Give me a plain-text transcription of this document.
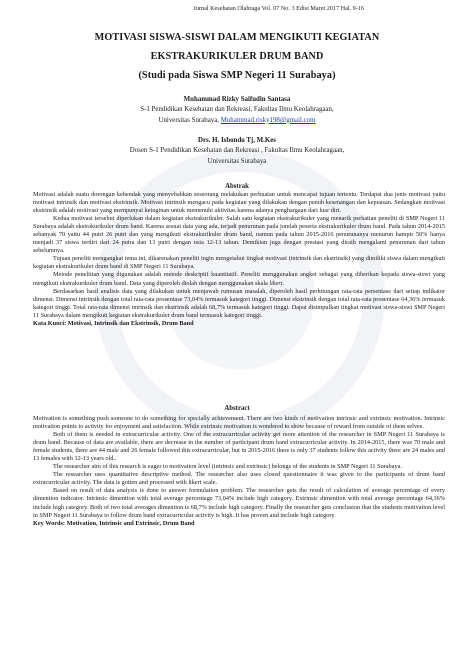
Jurnal Kesehatan Olahraga Vol. 07 No. 3 Edisi Maret 2017 Hal. 9-16
MOTIVASI SISWA-SISWI DALAM MENGIKUTI KEGIATAN
EKSTRAKURIKULER DRUM BAND
(Studi pada Siswa SMP Negeri 11 Surabaya)
Muhammad Rizky Saifudin Santasa
S-1 Pendidikan Kesehatan dan Rekreasi, Fakultas Ilmu Keolahragaan,
Universitas Surabaya, Muhammad.risky198@gmail.com
Drs. H. Isbondo Tj, M.Kes
Dosen S-1 Pendidikan Kesehatan dan Rekreasi , Fakultas Ilmu Keolahragaan,
Universitas Surabaya
Abstrak

Motivasi adalah suatu dorongan kehendak yang menyebabkan seseorang melakukan perbuatan untuk mencapai tujuan tertentu. Terdapat dua jenis motivasi yaitu motivasi intrinsik dan motivasi ekstrinsik. Motivasi intrinsik mengacu pada kegiatan yang dilakukan dengan penuh kesenangan dan kepuasan. Sedangkan motivasi ekstrinsik adalah motivasi yang mempunyai keinginan untuk memenuhi aktivitas karena adanya penghargaan dari luar diri.

Kedua motivasi tersebut diperlukan dalam kegiatan ekstrakurikuler. Salah satu kegiatan ekstrakurikuler yang menarik perhatian peneliti di SMP Negeri 11 Surabaya adalah ekstrakurikuler drum band. Karena sesuai data yang ada, terjadi penurunan pada jumlah peserta ekstrakurikuler drum band. Pada tahun 2014-2015 sebanyak 70 yaitu 44 putri 26 putri dan yang mengikuti ekstrakurikuler drum band, namun pada tahun 2015-2016 penurunanya menurun hampir 50% hanya menjadi 37 siswa terdiri dari 24 putra dan 13 putri dengan usia 12-13 tahun. Demikian juga dengan prestasi yang diraih mengalami penurunan dari tahun sebelumnya.

Tujuan peneliti mengangkat tema ini, dikarenakan peneliti ingin mengetahui tingkat motivasi (intrinsik dan ekstrinsik) yang dimiliki siswa dalam mengikuti kegiatan ekstrakurikuler drum band di SMP Negeri 11 Surabaya.

Metode penelitian yang digunakan adalah metode deskriptif kuantitatif. Peneliti menggunakan angket sebagai yang diberikan kepada siswa-siswi yang mengikuti ekstrakurikuler drum band. Data yang diperoleh diolah dengan menggunakan skala likert.

Berdasarkan hasil analisis data yang dilakukan untuk menjawab rumusan masalah, diperoleh hasil perhitungan rata-rata persentase dari setiap indikator dimensi. Dimensi intrinsik dengan total rata-rata prosentase 73,04% termasuk kategori tinggi. Dimensi ekstrinsik dengan total rata-rata prosentase 64,36% termasuk kategori tinggi. Total rata-rata dimensi intrinsik dan ekstrinsik adalah 68,7% termasuk kategori tinggi. Dapat disimpulkan tingkat motivasi siswa-siswi SMP Negeri 11 Surabaya dalam mengikuti kegiatan ekstrakurikuler drum band termasuk kategori tinggi.

Kata Kunci: Motivasi, Intrinsik dan Ekstrinsik, Drum Band

Abstract

Motivation is something push someone to do something for specially achievement. There are two kinds of motivation intrinsic and extrinsic motivation. Intrinsic motivation points to activity for enjoyment and satisfaction. While extrinsic motivation is wondered to show because of reward from outside of them selves.

Both of them is needed in extracurricular activity. One of the extracurricular activity get more attention of the researcher in SMP Negeri 11 Surabaya is drum band. Because of data are available, there are decrease in the number of participant drum band extracurricular activity. In 2014-2015, there was 70 male and female students, there are 44 male and 26 female followed this extracurricular, but in 2015-2016 there is only 37 students follow this activity there are 24 males and 13 females with 12-13 years old..

The researcher aim of this research is eager to motivation level (intrinsic and extrinsic) belongs of the students in SMP Negeri 11 Surabaya.

The researcher uses quantitative descriptive method. The researcher also uses closed questionnaire it was given to the participants of drum band extracurricular activity. The data is gotten and processed with likert scale.

Based on result of data analysis is done to answer formulation problem. The researcher gets the result of calculation of average percentage of every dimention indicator. Intrinsic dimention with total average percentage 73,04% include high category. Extrinsic dimention with total average percentage 64,36% include high category. Both of two total averages dimention is 68,7% include high category. Finally the researcher gets conclusion that the students motivation level in SMP Negeri 11 Surabaya to follow drum band extracurricular activity is high. It has proven and include high category.

Key Words: Motivation, Intrinsic and Extrinsic, Drum Band
